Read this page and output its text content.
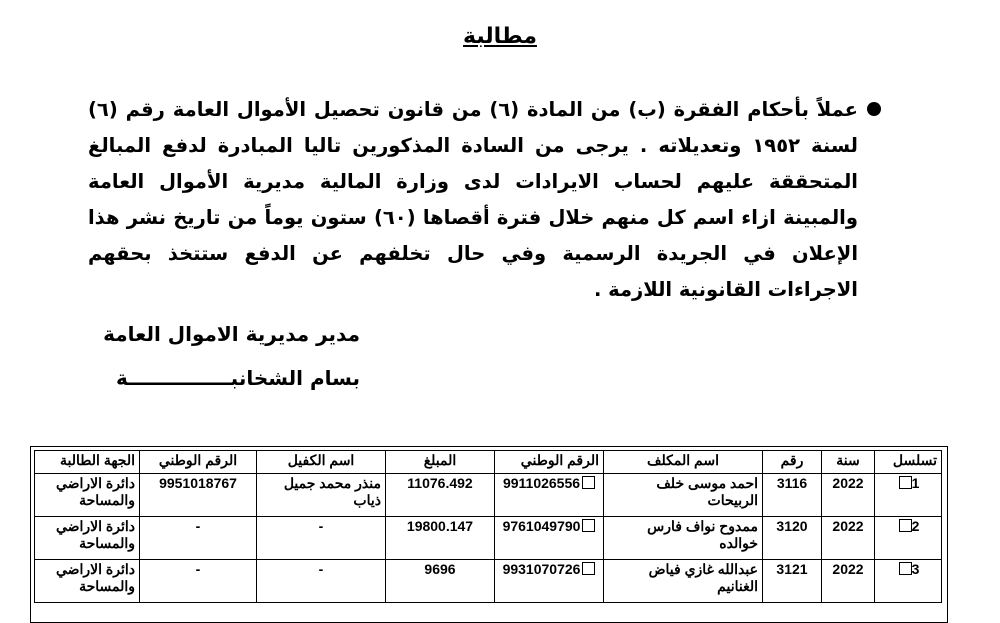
مطالبة
عملاً بأحكام الفقرة (ب) من المادة (٦) من قانون تحصيل الأموال العامة رقم (٦) لسنة ١٩٥٢ وتعديلاته . يرجى من السادة المذكورين تاليا المبادرة لدفع المبالغ المتحققة عليهم لحساب الايرادات لدى وزارة المالية مديرية الأموال العامة والمبينة ازاء اسم كل منهم خلال فترة أقصاها (٦٠) ستون يوماً من تاريخ نشر هذا الإعلان في الجريدة الرسمية وفي حال تخلفهم عن الدفع ستتخذ بحقهم الاجراءات القانونية اللازمة .
مدير مديرية الاموال العامة
بسام الشخانبـــــــــــــــة
تسلسل	سنة	رقم	اسم المكلف	الرقم الوطني	المبلغ	اسم الكفيل	الرقم الوطني	الجهة الطالبة
1	2022	3116	احمد موسى خلف الربيحات	9911026556	11076.492	منذر محمد جميل ذياب	9951018767	دائرة الاراضي والمساحة
2	2022	3120	ممدوح نواف فارس خوالده	9761049790	19800.147	-	-	دائرة الاراضي والمساحة
3	2022	3121	عبدالله غازي فياض الغنانيم	9931070726	9696	-	-	دائرة الاراضي والمساحة
